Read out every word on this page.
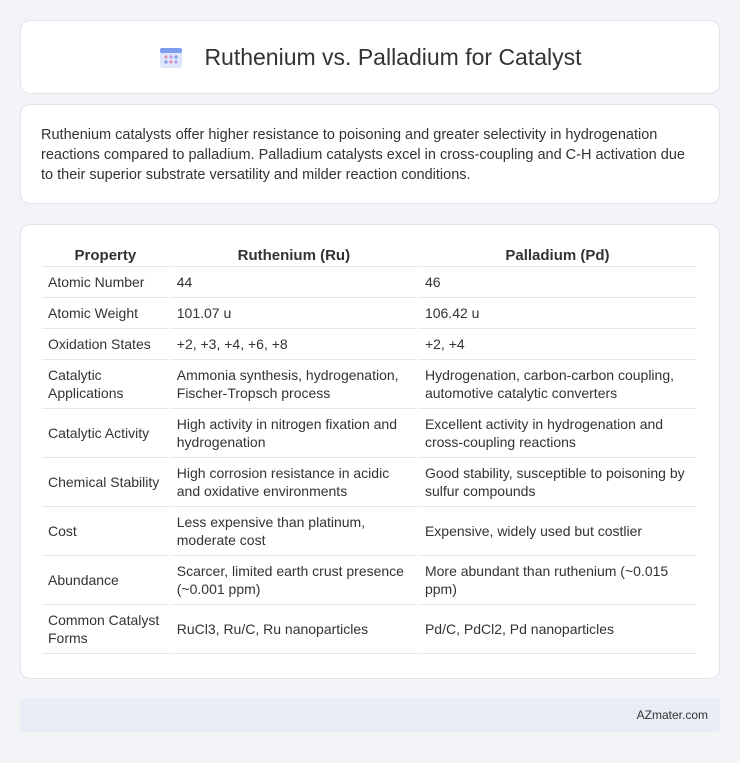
Ruthenium vs. Palladium for Catalyst

Ruthenium catalysts offer higher resistance to poisoning and greater selectivity in hydrogenation reactions compared to palladium. Palladium catalysts excel in cross-coupling and C-H activation due to their superior substrate versatility and milder reaction conditions.

Property	Ruthenium (Ru)	Palladium (Pd)
Atomic Number	44	46
Atomic Weight	101.07 u	106.42 u
Oxidation States	+2, +3, +4, +6, +8	+2, +4
Catalytic Applications	Ammonia synthesis, hydrogenation, Fischer-Tropsch process	Hydrogenation, carbon-carbon coupling, automotive catalytic converters
Catalytic Activity	High activity in nitrogen fixation and hydrogenation	Excellent activity in hydrogenation and cross-coupling reactions
Chemical Stability	High corrosion resistance in acidic and oxidative environments	Good stability, susceptible to poisoning by sulfur compounds
Cost	Less expensive than platinum, moderate cost	Expensive, widely used but costlier
Abundance	Scarcer, limited earth crust presence (~0.001 ppm)	More abundant than ruthenium (~0.015 ppm)
Common Catalyst Forms	RuCl3, Ru/C, Ru nanoparticles	Pd/C, PdCl2, Pd nanoparticles
AZmater.com
